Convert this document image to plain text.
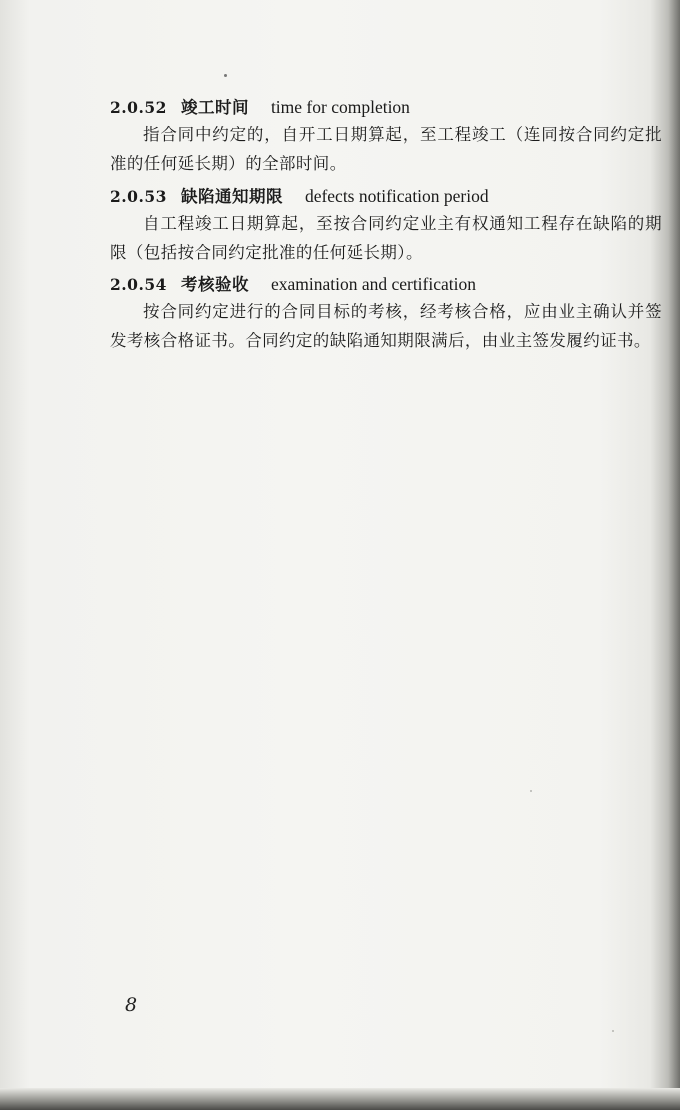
2.0.52 竣工时间 time for completion

指合同中约定的，自开工日期算起，至工程竣工（连同按合同约定批准的任何延长期）的全部时间。

2.0.53 缺陷通知期限 defects notification period

自工程竣工日期算起，至按合同约定业主有权通知工程存在缺陷的期限（包括按合同约定批准的任何延长期）。

2.0.54 考核验收 examination and certification

按合同约定进行的合同目标的考核，经考核合格，应由业主确认并签发考核合格证书。合同约定的缺陷通知期限满后，由业主签发履约证书。

8
